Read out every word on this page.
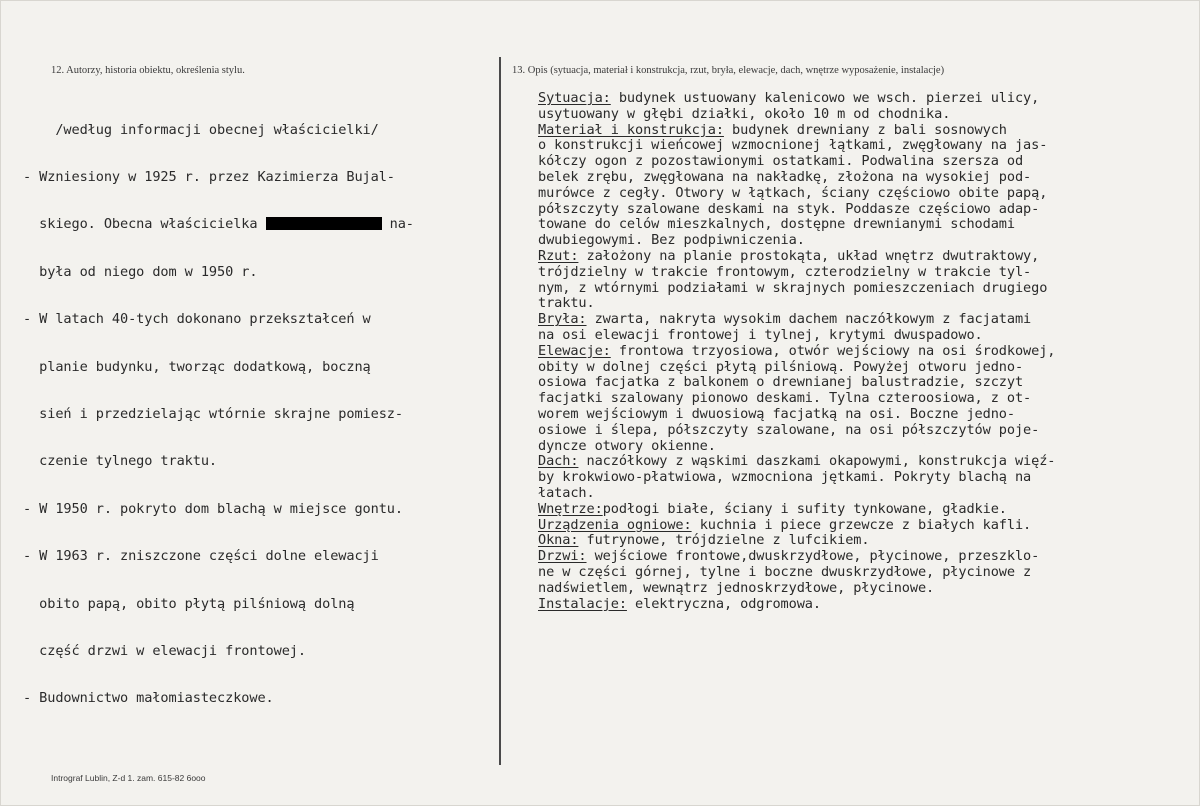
12. Autorzy, historia obiektu, określenia stylu.	13. Opis (sytuacja, materiał i konstrukcja, rzut, bryła, elewacje, dach, wnętrze wyposażenie, instalacje)

/według informacji obecnej właścicielki/

- Wzniesiony w 1925 r. przez Kazimierza Bujal-

skiego. Obecna właścicielka	na-

była od niego dom w 1950 r.

- W latach 40-tych dokonano przekształceń w

planie budynku, tworząc dodatkową, boczną

sień i przedzielając wtórnie skrajne pomiesz-

czenie tylnego traktu.

- W 1950 r. pokryto dom blachą w miejsce gontu.

- W 1963 r. zniszczone części dolne elewacji

obito papą, obito płytą pilśniową dolną

część drzwi w elewacji frontowej.

- Budownictwo małomiasteczkowe.

Sytuacja: budynek ustuowany kalenicowo we wsch. pierzei ulicy,
usytuowany w głębi działki, około 10 m od chodnika.
Materiał i konstrukcja: budynek drewniany z bali sosnowych
o konstrukcji wieńcowej wzmocnionej łątkami, zwęgłowany na jas-
kółczy ogon z pozostawionymi ostatkami. Podwalina szersza od
belek zrębu, zwęgłowana na nakładkę, złożona na wysokiej pod-
murówce z cegły. Otwory w łątkach, ściany częściowo obite papą,
półszczyty szalowane deskami na styk. Poddasze częściowo adap-
towane do celów mieszkalnych, dostępne drewnianymi schodami
dwubiegowymi. Bez podpiwniczenia.
Rzut: założony na planie prostokąta, układ wnętrz dwutraktowy,
trójdzielny w trakcie frontowym, czterodzielny w trakcie tyl-
nym, z wtórnymi podziałami w skrajnych pomieszczeniach drugiego
traktu.
Bryła: zwarta, nakryta wysokim dachem naczółkowym z facjatami
na osi elewacji frontowej i tylnej, krytymi dwuspadowo.
Elewacje: frontowa trzyosiowa, otwór wejściowy na osi środkowej,
obity w dolnej części płytą pilśniową. Powyżej otworu jedno-
osiowa facjatka z balkonem o drewnianej balustradzie, szczyt
facjatki szalowany pionowo deskami. Tylna czteroosiowa, z ot-
worem wejściowym i dwuosiową facjatką na osi. Boczne jedno-
osiowe i ślepa, półszczyty szalowane, na osi półszczytów poje-
dyncze otwory okienne.
Dach: naczółkowy z wąskimi daszkami okapowymi, konstrukcja więź-
by krokwiowo-płatwiowa, wzmocniona jętkami. Pokryty blachą na
łatach.
Wnętrze:podłogi białe, ściany i sufity tynkowane, gładkie.
Urządzenia ogniowe: kuchnia i piece grzewcze z białych kafli.
Okna: futrynowe, trójdzielne z lufcikiem.
Drzwi: wejściowe frontowe,dwuskrzydłowe, płycinowe, przeszklo-
ne w części górnej, tylne i boczne dwuskrzydłowe, płycinowe z
nadświetlem, wewnątrz jednoskrzydłowe, płycinowe.
Instalacje: elektryczna, odgromowa.
Intrograf Lublin, Z-d 1. zam. 615-82 6ooo
